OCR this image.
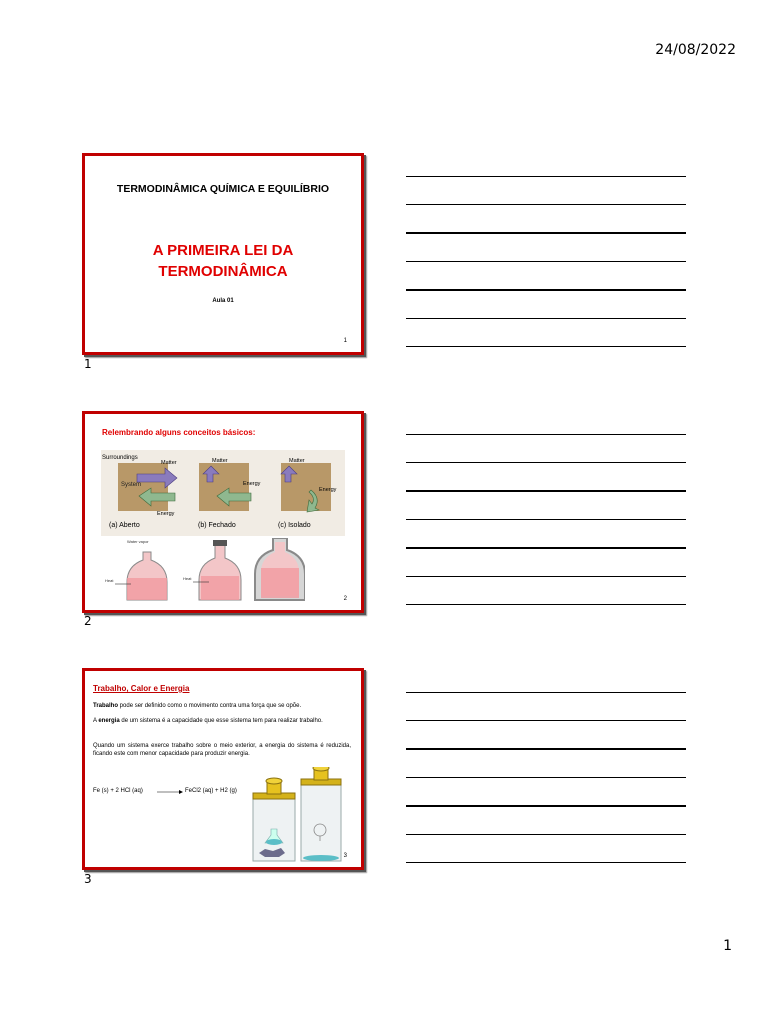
24/08/2022
TERMODINÂMICA QUÍMICA E EQUILÍBRIO
A PRIMEIRA LEI DA
TERMODINÂMICA
Aula 01
1
1
Relembrando alguns conceitos básicos:
Surroundings
System
Matter
Energy
(a) Aberto
Matter
Energy
(b) Fechado
Matter
Energy
(c) Isolado
Water vapor
Heat	Heat
2
2
Trabalho, Calor e Energia
Trabalho pode ser definido como o movimento contra uma força que se opõe.
A energia de um sistema é a capacidade que esse sistema tem para realizar trabalho.
Quando um sistema exerce trabalho sobre o meio exterior, a energia do sistema é reduzida, ficando este com menor capacidade para produzir energia.
Fe (s) + 2 HCl (aq) → FeCl2 (aq) + H2 (g)
3
3
1
